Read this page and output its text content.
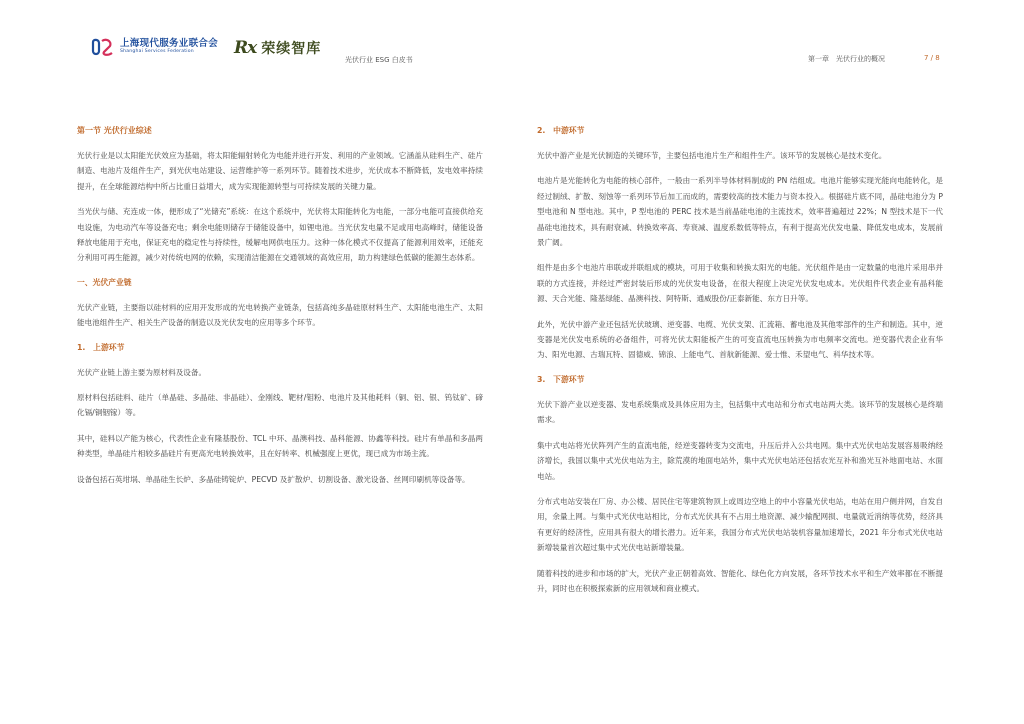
上海现代服务业联合会
Shanghai Services Federation	Rx 荣续智库
光伏行业 ESG 白皮书	第一章　光伏行业的概况	7 / 8
第一节 光伏行业综述

光伏行业是以太阳能光伏效应为基础，将太阳能辐射转化为电能并进行开发、利用的产业领域。它涵盖从硅料生产、硅片制造、电池片及组件生产，到光伏电站建设、运营维护等一系列环节。随着技术进步，光伏成本不断降低，发电效率持续提升，在全球能源结构中所占比重日益增大，成为实现能源转型与可持续发展的关键力量。

当光伏与储、充连成一体，便形成了“光储充”系统：在这个系统中，光伏将太阳能转化为电能，一部分电能可直接供给充电设施，为电动汽车等设备充电；剩余电能则储存于储能设备中，如锂电池。当光伏发电量不足或用电高峰时，储能设备释放电能用于充电，保证充电的稳定性与持续性，缓解电网供电压力。这种一体化模式不仅提高了能源利用效率，还能充分利用可再生能源，减少对传统电网的依赖，实现清洁能源在交通领域的高效应用，助力构建绿色低碳的能源生态体系。

一、光伏产业链

光伏产业链，主要指以硅材料的应用开发形成的光电转换产业链条，包括高纯多晶硅原材料生产、太阳能电池生产、太阳能电池组件生产、相关生产设备的制造以及光伏发电的应用等多个环节。

1.　上游环节

光伏产业链上游主要为原材料及设备。

原材料包括硅料、硅片（单晶硅、多晶硅、非晶硅）、金刚线、靶材/钼粉、电池片及其他耗料（铜、铝、银、钨钛矿、碲化镉/铜铟镓）等。

其中，硅料以产能为核心，代表性企业有隆基股份、TCL 中环、晶澳科技、晶科能源、协鑫等科技。硅片有单晶和多晶两种类型，单晶硅片相较多晶硅片有更高光电转换效率，且在好转率、机械强度上更优，现已成为市场主流。

设备包括石英坩埚、单晶硅生长炉、多晶硅铸锭炉、PECVD 及扩散炉、切割设备、激光设备、丝网印刷机等设备等。

2.　中游环节

光伏中游产业是光伏制造的关键环节，主要包括电池片生产和组件生产。该环节的发展核心是技术变化。

电池片是光能转化为电能的核心部件，一般由一系列半导体材料制成的 PN 结组成。电池片能够实现光能向电能转化，是经过制绒、扩散、刻蚀等一系列环节后加工而成的，需要较高的技术能力与资本投入。根据硅片底不同，晶硅电池分为 P 型电池和 N 型电池。其中，P 型电池的 PERC 技术是当前晶硅电池的主流技术，效率普遍超过 22%；N 型技术是下一代晶硅电池技术，具有耐衰减、转换效率高、寿衰减、温度系数低等特点，有利于提高光伏发电量、降低发电成本，发展前景广阔。

组件是由多个电池片串联或并联组成的模块，可用于收集和转换太阳光的电能。光伏组件是由一定数量的电池片采用串并联的方式连接，并经过严密封装后形成的光伏发电设备，在很大程度上决定光伏发电成本。光伏组件代表企业有晶科能源、天合光能、隆基绿能、晶澳科技、阿特斯、通威股份/正泰新能、东方日升等。

此外，光伏中游产业还包括光伏玻璃、逆变器、电缆、光伏支架、汇流箱、蓄电池及其他零部件的生产和制造。其中，逆变器是光伏发电系统的必备组件，可将光伏太阳能板产生的可变直流电压转换为市电频率交流电。逆变器代表企业有华为、阳光电源、古瑞瓦特、固德威、锦浪、上能电气、首航新能源、爱士惟、禾望电气、科华技术等。

3.　下游环节

光伏下游产业以逆变器、发电系统集成及具体应用为主，包括集中式电站和分布式电站两大类。该环节的发展核心是终端需求。

集中式电站将光伏阵列产生的直流电能，经逆变器转变为交流电，升压后并入公共电网。集中式光伏电站发展容易吸纳经济增长，我国以集中式光伏电站为主，除荒漠的地面电站外，集中式光伏电站还包括农光互补和渔光互补地面电站、水面电站。

分布式电站安装在厂房、办公楼、居民住宅等建筑物顶上或周边空地上的中小容量光伏电站，电站在用户侧并网，自发自用，余量上网。与集中式光伏电站相比，分布式光伏具有不占用土地资源、减少输配网损、电量就近消纳等优势，经济具有更好的经济性，应用具有很大的增长潜力。近年来，我国分布式光伏电站装机容量加速增长，2021 年分布式光伏电站新增装量首次超过集中式光伏电站新增装量。

随着科技的进步和市场的扩大，光伏产业正朝着高效、智能化、绿色化方向发展，各环节技术水平和生产效率都在不断提升，同时也在积极探索新的应用领域和商业模式。
